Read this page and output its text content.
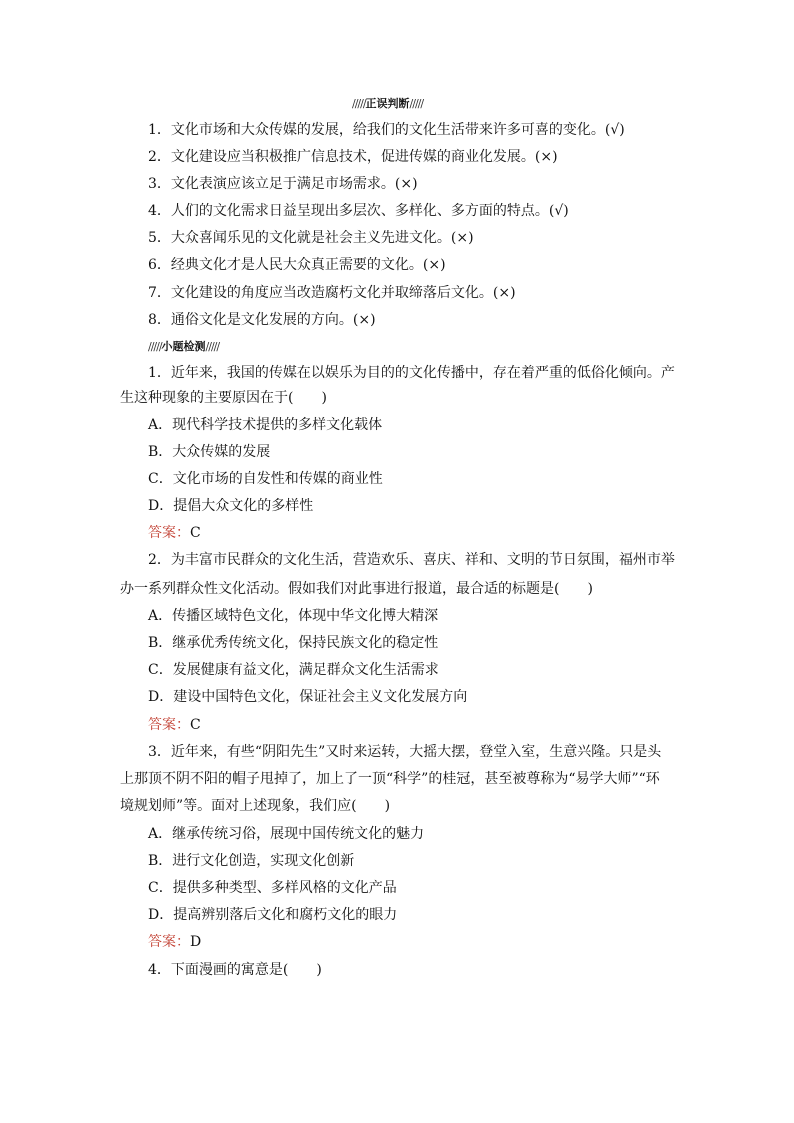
/////正误判断/////
1．文化市场和大众传媒的发展，给我们的文化生活带来许多可喜的变化。(√)
2．文化建设应当积极推广信息技术，促进传媒的商业化发展。(×)
3．文化表演应该立足于满足市场需求。(×)
4．人们的文化需求日益呈现出多层次、多样化、多方面的特点。(√)
5．大众喜闻乐见的文化就是社会主义先进文化。(×)
6．经典文化才是人民大众真正需要的文化。(×)
7．文化建设的角度应当改造腐朽文化并取缔落后文化。(×)
8．通俗文化是文化发展的方向。(×)
/////小题检测/////
1．近年来，我国的传媒在以娱乐为目的的文化传播中，存在着严重的低俗化倾向。产
生这种现象的主要原因在于(　　)
A．现代科学技术提供的多样文化载体
B．大众传媒的发展
C．文化市场的自发性和传媒的商业性
D．提倡大众文化的多样性
答案：C
2．为丰富市民群众的文化生活，营造欢乐、喜庆、祥和、文明的节日氛围，福州市举
办一系列群众性文化活动。假如我们对此事进行报道，最合适的标题是(　　)
A．传播区域特色文化，体现中华文化博大精深
B．继承优秀传统文化，保持民族文化的稳定性
C．发展健康有益文化，满足群众文化生活需求
D．建设中国特色文化，保证社会主义文化发展方向
答案：C
3．近年来，有些“阴阳先生”又时来运转，大摇大摆，登堂入室，生意兴隆。只是头
上那顶不阴不阳的帽子甩掉了，加上了一顶“科学”的桂冠，甚至被尊称为“易学大师”“环
境规划师”等。面对上述现象，我们应(　　)
A．继承传统习俗，展现中国传统文化的魅力
B．进行文化创造，实现文化创新
C．提供多种类型、多样风格的文化产品
D．提高辨别落后文化和腐朽文化的眼力
答案：D
4．下面漫画的寓意是(　　)
